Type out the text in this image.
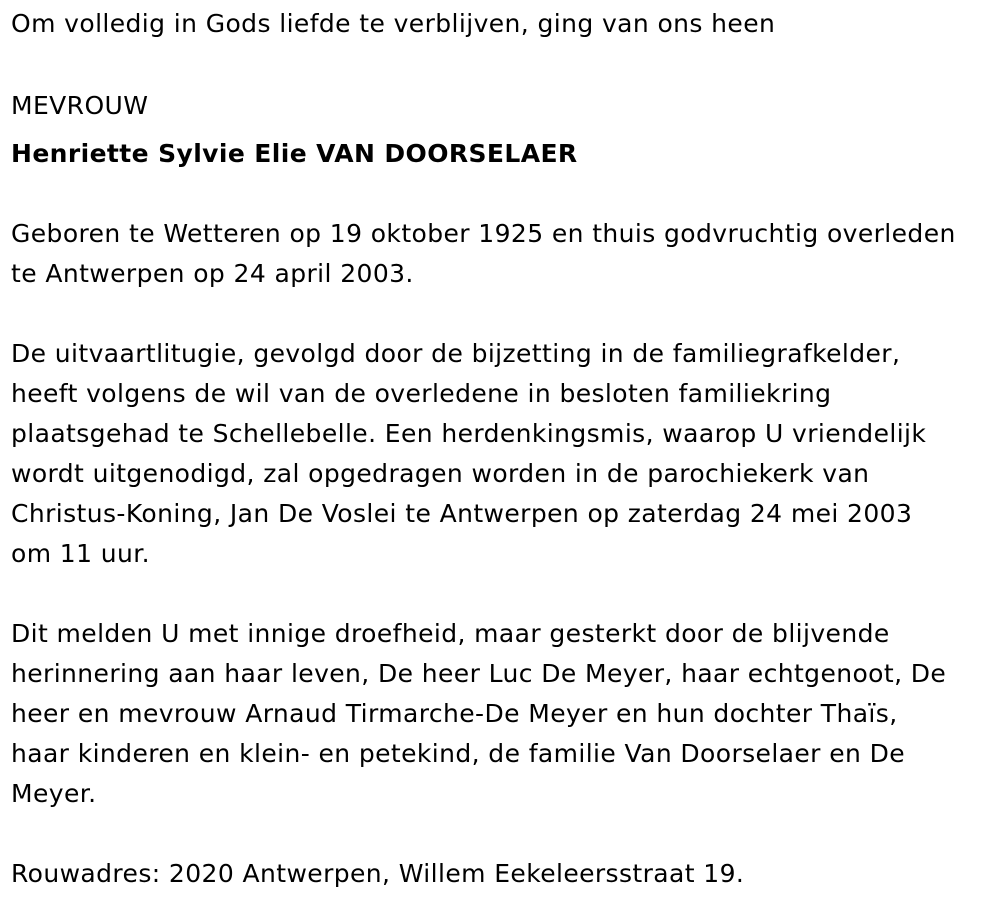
Om volledig in Gods liefde te verblijven, ging van ons heen

MEVROUW

Henriette Sylvie Elie VAN DOORSELAER

Geboren te Wetteren op 19 oktober 1925 en thuis godvruchtig overleden

te Antwerpen op 24 april 2003.

De uitvaartlitugie, gevolgd door de bijzetting in de familiegrafkelder,

heeft volgens de wil van de overledene in besloten familiekring

plaatsgehad te Schellebelle. Een herdenkingsmis, waarop U vriendelijk

wordt uitgenodigd, zal opgedragen worden in de parochiekerk van

Christus-Koning, Jan De Voslei te Antwerpen op zaterdag 24 mei 2003

om 11 uur.

Dit melden U met innige droefheid, maar gesterkt door de blijvende

herinnering aan haar leven, De heer Luc De Meyer, haar echtgenoot, De

heer en mevrouw Arnaud Tirmarche-De Meyer en hun dochter Thaïs,

haar kinderen en klein- en petekind, de familie Van Doorselaer en De

Meyer.

Rouwadres: 2020 Antwerpen, Willem Eekeleersstraat 19.
